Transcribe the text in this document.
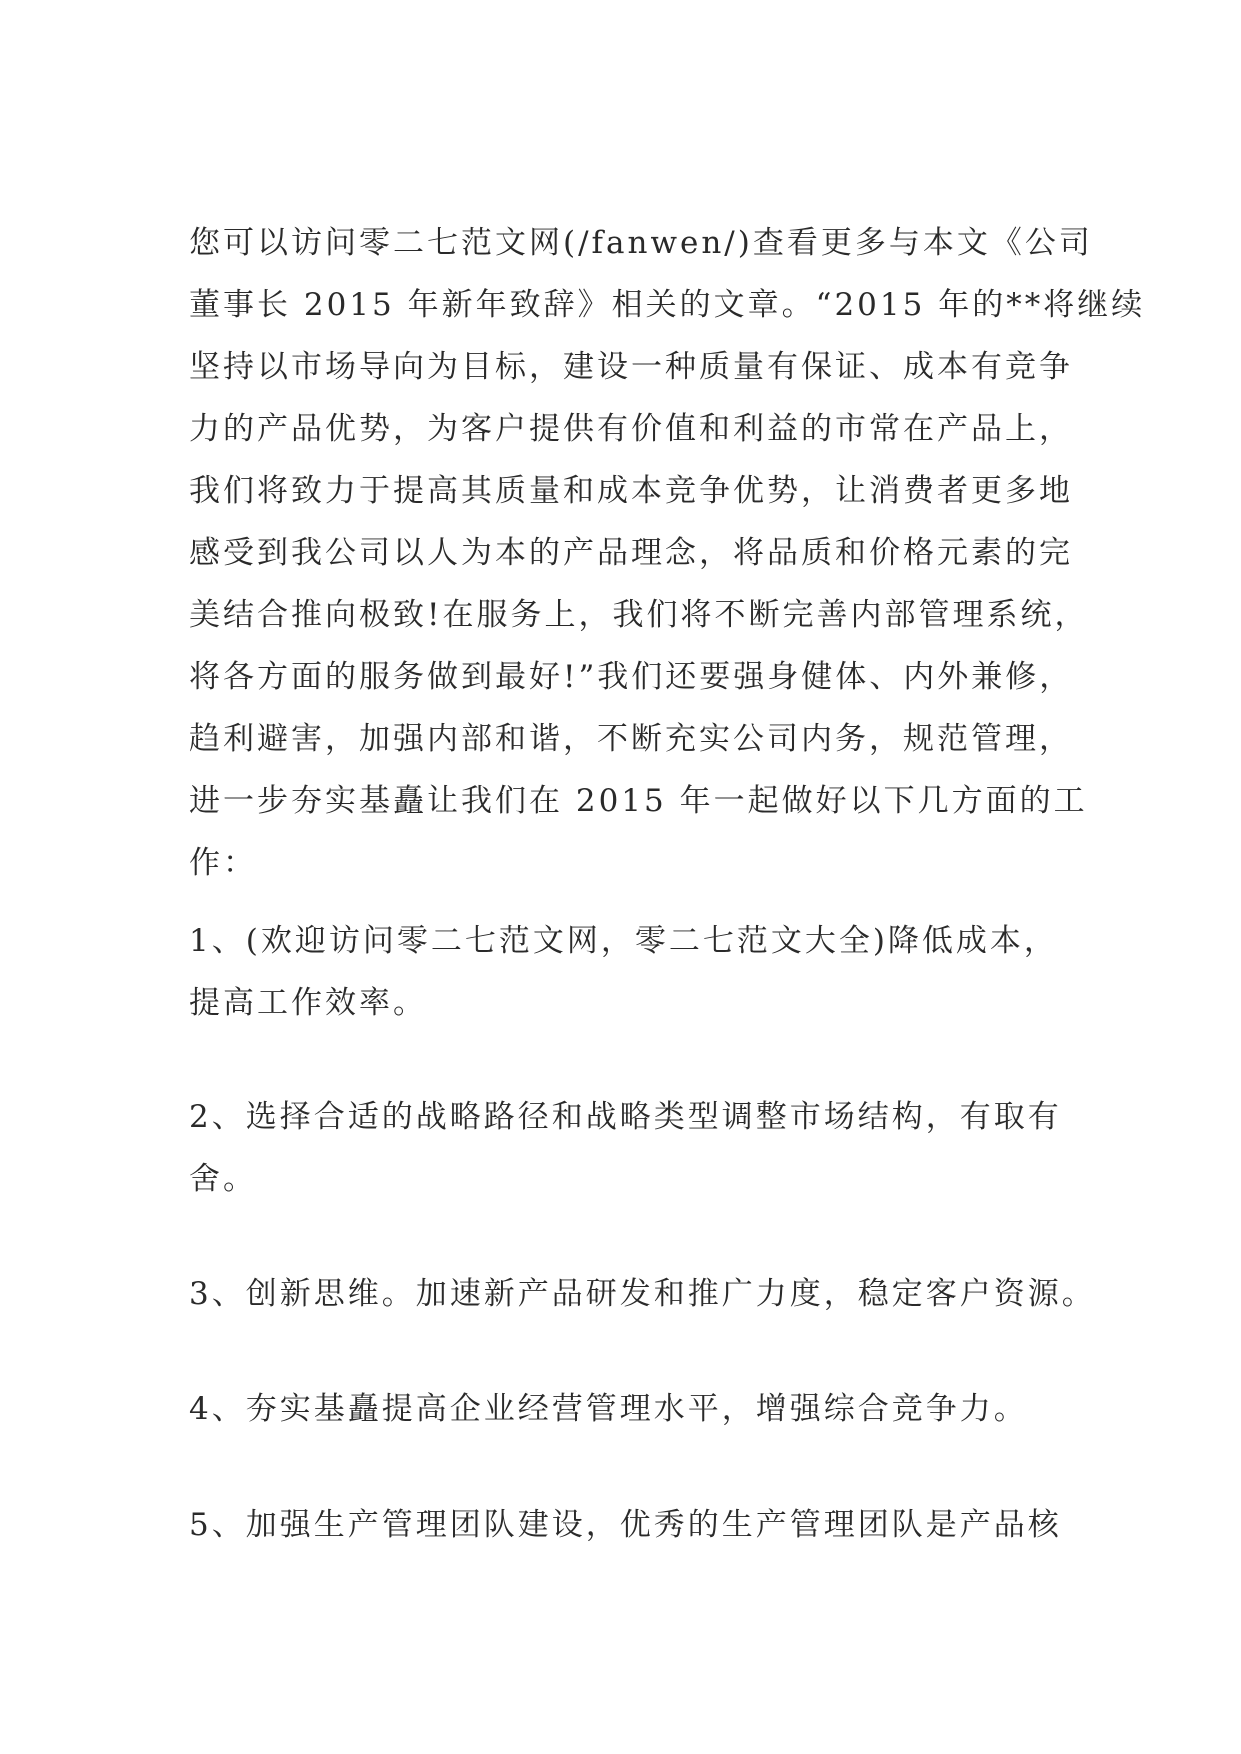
您可以访问零二七范文网(/fanwen/)查看更多与本文《公司
董事长 2015 年新年致辞》相关的文章。“2015 年的**将继续
坚持以市场导向为目标，建设一种质量有保证、成本有竞争
力的产品优势，为客户提供有价值和利益的市常在产品上，
我们将致力于提高其质量和成本竞争优势，让消费者更多地
感受到我公司以人为本的产品理念，将品质和价格元素的完
美结合推向极致!在服务上，我们将不断完善内部管理系统，
将各方面的服务做到最好!”我们还要强身健体、内外兼修，
趋利避害，加强内部和谐，不断充实公司内务，规范管理，
进一步夯实基矗让我们在 2015 年一起做好以下几方面的工
作：
1、(欢迎访问零二七范文网，零二七范文大全)降低成本，
提高工作效率。
2、选择合适的战略路径和战略类型调整市场结构，有取有
舍。
3、创新思维。加速新产品研发和推广力度，稳定客户资源。
4、夯实基矗提高企业经营管理水平，增强综合竞争力。
5、加强生产管理团队建设，优秀的生产管理团队是产品核
